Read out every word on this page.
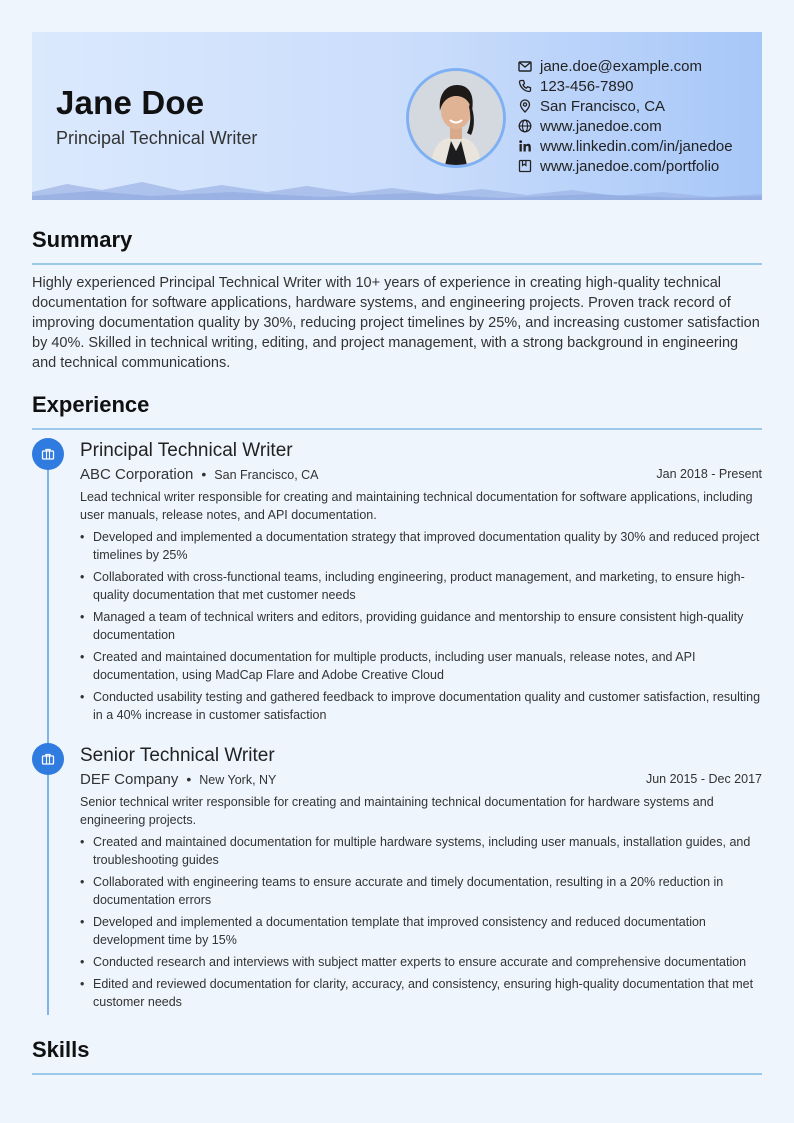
Jane Doe
Principal Technical Writer
jane.doe@example.com
123-456-7890
San Francisco, CA
www.janedoe.com
www.linkedin.com/in/janedoe
www.janedoe.com/portfolio
Summary
Highly experienced Principal Technical Writer with 10+ years of experience in creating high-quality technical documentation for software applications, hardware systems, and engineering projects. Proven track record of improving documentation quality by 30%, reducing project timelines by 25%, and increasing customer satisfaction by 40%. Skilled in technical writing, editing, and project management, with a strong background in engineering and technical communications.
Experience
Principal Technical Writer
ABC Corporation • San Francisco, CA	Jan 2018 - Present
Lead technical writer responsible for creating and maintaining technical documentation for software applications, including user manuals, release notes, and API documentation.
• Developed and implemented a documentation strategy that improved documentation quality by 30% and reduced project timelines by 25%
• Collaborated with cross-functional teams, including engineering, product management, and marketing, to ensure high-quality documentation that met customer needs
• Managed a team of technical writers and editors, providing guidance and mentorship to ensure consistent high-quality documentation
• Created and maintained documentation for multiple products, including user manuals, release notes, and API documentation, using MadCap Flare and Adobe Creative Cloud
• Conducted usability testing and gathered feedback to improve documentation quality and customer satisfaction, resulting in a 40% increase in customer satisfaction
Senior Technical Writer
DEF Company • New York, NY	Jun 2015 - Dec 2017
Senior technical writer responsible for creating and maintaining technical documentation for hardware systems and engineering projects.
• Created and maintained documentation for multiple hardware systems, including user manuals, installation guides, and troubleshooting guides
• Collaborated with engineering teams to ensure accurate and timely documentation, resulting in a 20% reduction in documentation errors
• Developed and implemented a documentation template that improved consistency and reduced documentation development time by 15%
• Conducted research and interviews with subject matter experts to ensure accurate and comprehensive documentation
• Edited and reviewed documentation for clarity, accuracy, and consistency, ensuring high-quality documentation that met customer needs
Skills
